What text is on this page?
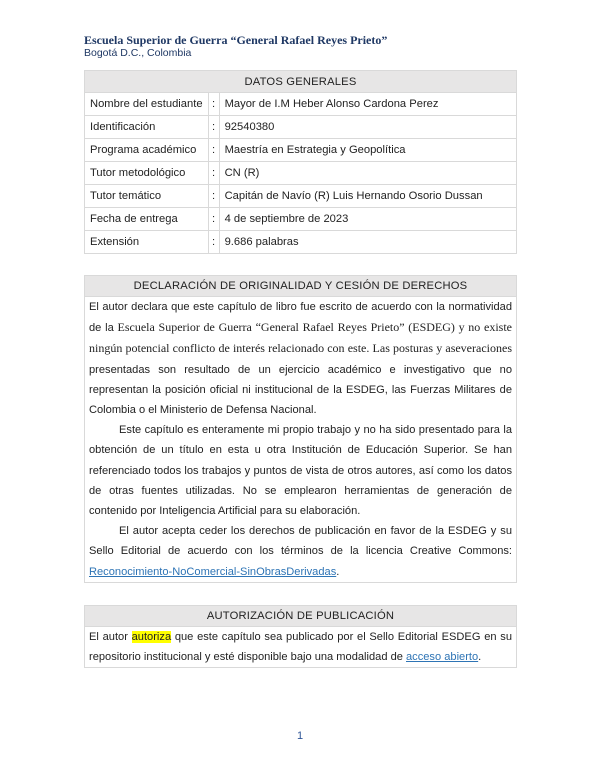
Escuela Superior de Guerra “General Rafael Reyes Prieto”
Bogotá D.C., Colombia
DATOS GENERALES		
Nombre del estudiante	:	Mayor de I.M Heber Alonso Cardona Perez
Identificación	:	92540380
Programa académico	:	Maestría en Estrategia y Geopolítica
Tutor metodológico	:	CN (R)
Tutor temático	:	Capitán de Navío (R) Luis Hernando Osorio Dussan
Fecha de entrega	:	4 de septiembre de 2023
Extensión	:	9.686 palabras
DECLARACIÓN DE ORIGINALIDAD Y CESIÓN DE DERECHOS

El autor declara que este capítulo de libro fue escrito de acuerdo con la normatividad de la Escuela Superior de Guerra “General Rafael Reyes Prieto” (ESDEG) y no existe ningún potencial conflicto de interés relacionado con este. Las posturas y aseveraciones presentadas son resultado de un ejercicio académico e investigativo que no representan la posición oficial ni institucional de la ESDEG, las Fuerzas Militares de Colombia o el Ministerio de Defensa Nacional.

Este capítulo es enteramente mi propio trabajo y no ha sido presentado para la obtención de un título en esta u otra Institución de Educación Superior. Se han referenciado todos los trabajos y puntos de vista de otros autores, así como los datos de otras fuentes utilizadas. No se emplearon herramientas de generación de contenido por Inteligencia Artificial para su elaboración.

El autor acepta ceder los derechos de publicación en favor de la ESDEG y su Sello Editorial de acuerdo con los términos de la licencia Creative Commons: Reconocimiento-NoComercial-SinObrasDerivadas.

AUTORIZACIÓN DE PUBLICACIÓN

El autor autoriza que este capítulo sea publicado por el Sello Editorial ESDEG en su repositorio institucional y esté disponible bajo una modalidad de acceso abierto.

1
